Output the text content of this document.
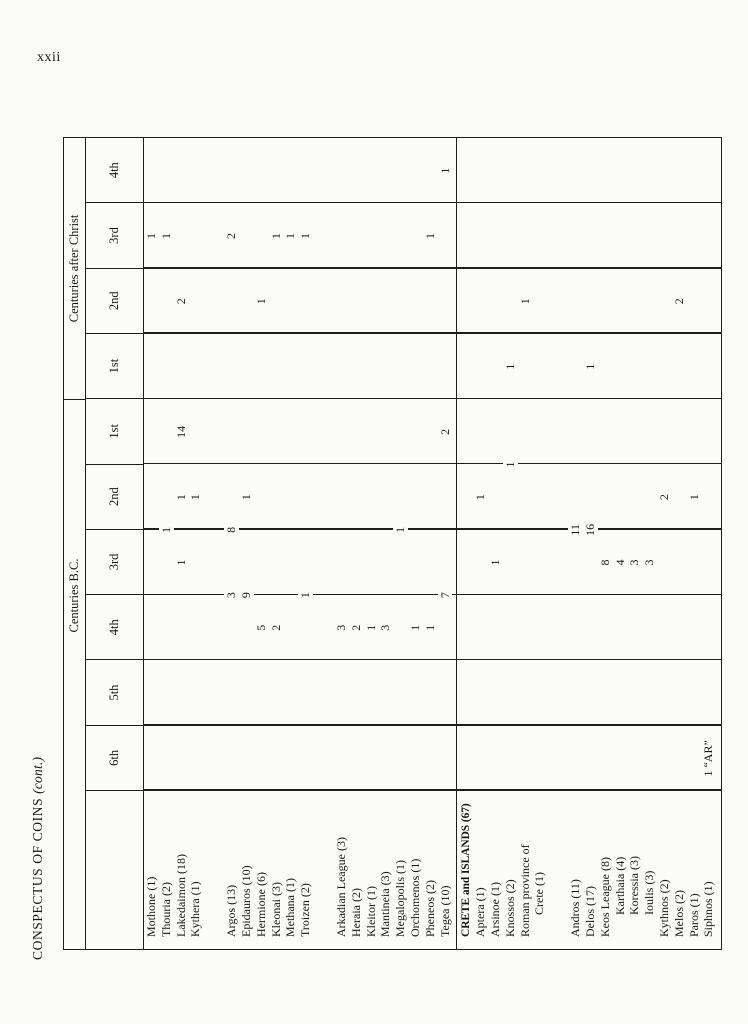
xxii
CONSPECTUS OF COINS (cont.)
Centuries B.C.
Centuries after Christ
6th
5th
4th
3rd
2nd
1st
1st
2nd
3rd
4th
Mothone (1)
1
Thouria (2)
1
1
Lakedaimon (18)
1
1
14
2
Kythera (1)
1
Argos (13)
3
8
2
Epidauros (10)
9
1
Hermione (6)
5
1
Kleonai (3)
2
1
Methana (1)
1
Troizen (2)
1
1
Arkadian League (3)
3
Heraia (2)
2
Kleitor (1)
1
Mantineia (3)
3
Megalopolis (1)
1
Orchomenos (1)
1
Pheneos (2)
1
1
Tegea (10)
7
2
1
CRETE and ISLANDS (67) Aptera (1)
1
Arsinoe (1)
1
Knossos (2)
1
1
Roman province of
1
Crete (1) Andros (11)
11
Delos (17)
16
1
Keos League (8)
8
Karthaia (4)
4
Koressia (3)
3
Ioulis (3)
3
Kythnos (2)
2
Melos (2)
2
Paros (1)
1
Siphnos (1)
1 “AR”
